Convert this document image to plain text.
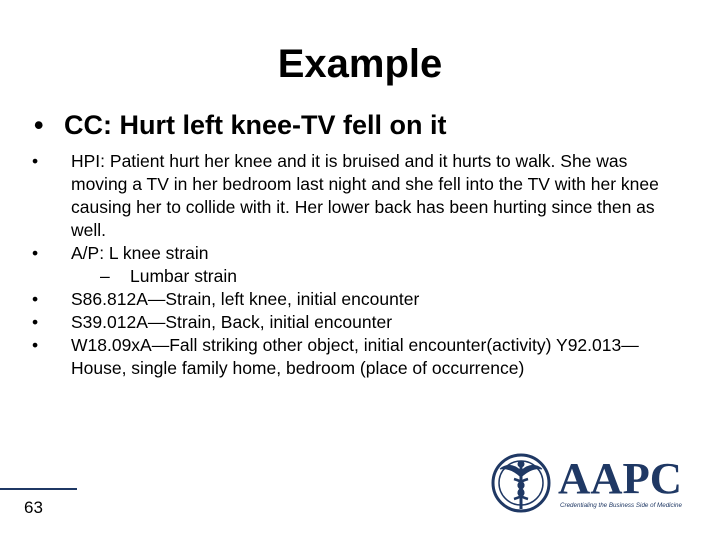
Example
• CC: Hurt left knee-TV fell on it
•	HPI: Patient hurt her knee and it is bruised and it hurts to walk. She was moving a TV in her bedroom last night and she fell into the TV with her knee causing her to collide with it. Her lower back has been hurting since then as well.
•	A/P: L knee strain
–	Lumbar strain
•	S86.812A—Strain, left knee, initial encounter
•	S39.012A—Strain, Back, initial encounter
•	W18.09xA—Fall striking other object, initial encounter(activity) Y92.013—House, single family home, bedroom (place of occurrence)
63
AAPC
Credentialing the Business Side of Medicine
